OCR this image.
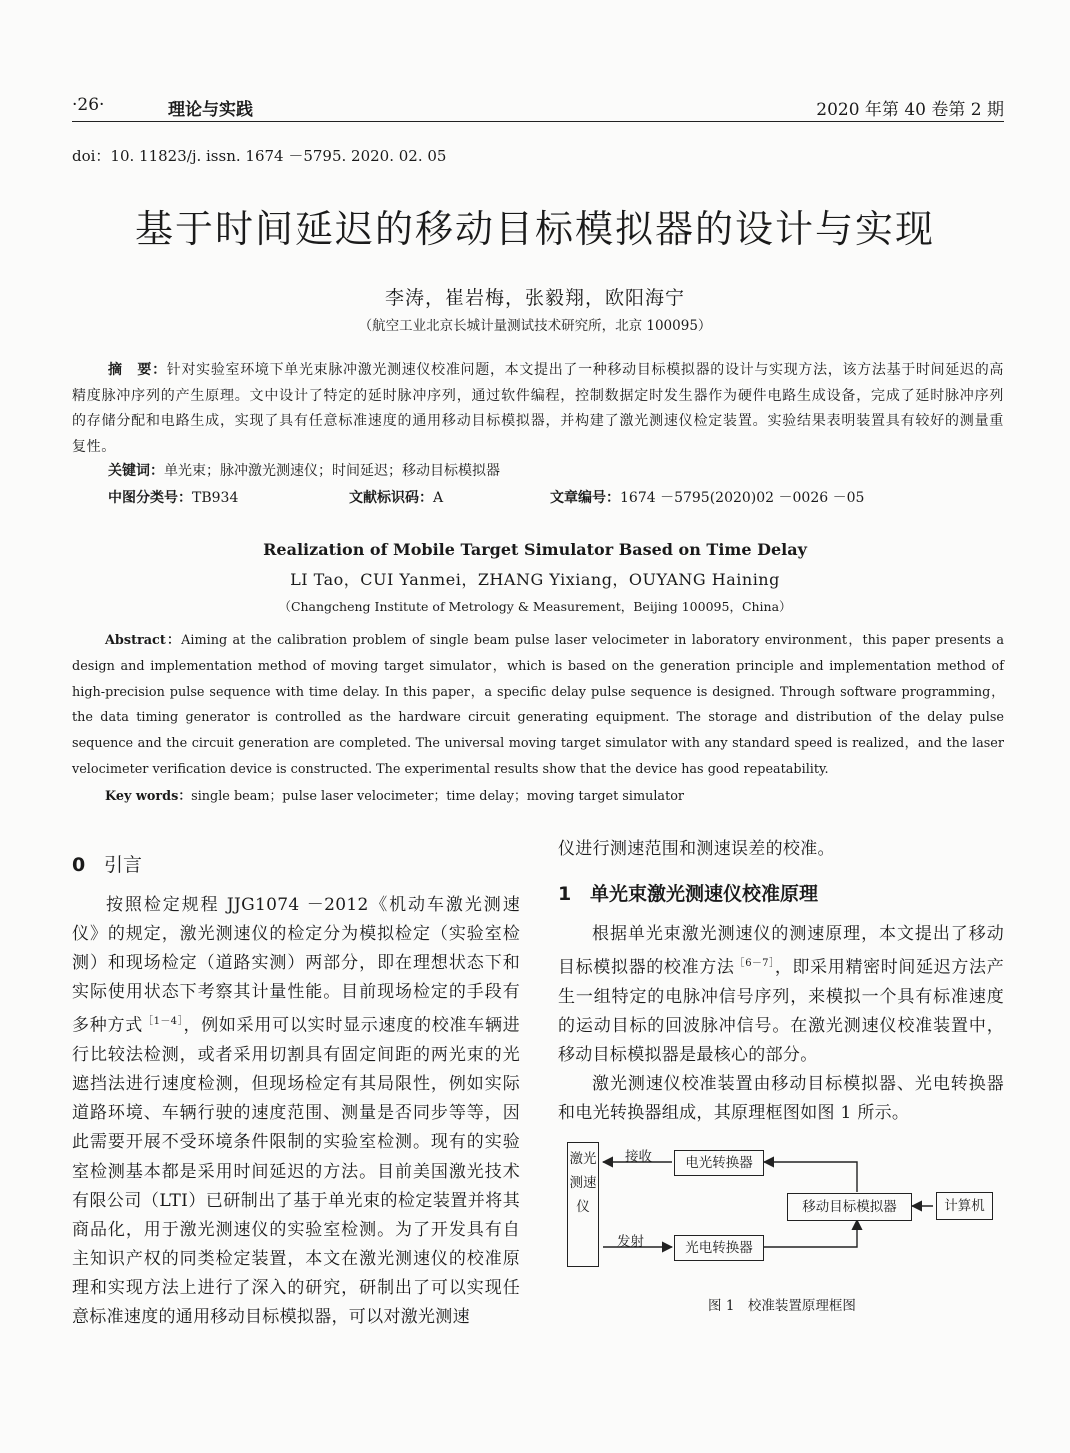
·26·	理论与实践	2020 年第 40 卷第 2 期
doi：10. 11823/j. issn. 1674 －5795. 2020. 02. 05
基于时间延迟的移动目标模拟器的设计与实现
李涛，崔岩梅，张毅翔，欧阳海宁
（航空工业北京长城计量测试技术研究所，北京 100095）
摘　要：针对实验室环境下单光束脉冲激光测速仪校准问题，本文提出了一种移动目标模拟器的设计与实现方法，该方法基于时间延迟的高精度脉冲序列的产生原理。文中设计了特定的延时脉冲序列，通过软件编程，控制数据定时发生器作为硬件电路生成设备，完成了延时脉冲序列的存储分配和电路生成，实现了具有任意标准速度的通用移动目标模拟器，并构建了激光测速仪检定装置。实验结果表明装置具有较好的测量重复性。
关键词：单光束；脉冲激光测速仪；时间延迟；移动目标模拟器
中图分类号：TB934	文献标识码：A	文章编号：1674 －5795(2020)02 －0026 －05
Realization of Mobile Target Simulator Based on Time Delay
LI Tao，CUI Yanmei，ZHANG Yixiang，OUYANG Haining
（Changcheng Institute of Metrology & Measurement，Beijing 100095，China）
Abstract：Aiming at the calibration problem of single beam pulse laser velocimeter in laboratory environment，this paper presents a design and implementation method of moving target simulator，which is based on the generation principle and implementation method of high-precision pulse sequence with time delay. In this paper，a specific delay pulse sequence is designed. Through software programming，the data timing generator is controlled as the hardware circuit generating equipment. The storage and distribution of the delay pulse sequence and the circuit generation are completed. The universal moving target simulator with any standard speed is realized，and the laser velocimeter verification device is constructed. The experimental results show that the device has good repeatability.
Key words：single beam；pulse laser velocimeter；time delay；moving target simulator
0 引言

按照检定规程 JJG1074 －2012《机动车激光测速仪》的规定，激光测速仪的检定分为模拟检定（实验室检测）和现场检定（道路实测）两部分，即在理想状态下和实际使用状态下考察其计量性能。目前现场检定的手段有多种方式$^{[1-4]}$，例如采用可以实时显示速度的校准车辆进行比较法检测，或者采用切割具有固定间距的两光束的光遮挡法进行速度检测，但现场检定有其局限性，例如实际道路环境、车辆行驶的速度范围、测量是否同步等等，因此需要开展不受环境条件限制的实验室检测。现有的实验室检测基本都是采用时间延迟的方法。目前美国激光技术有限公司（LTI）已研制出了基于单光束的检定装置并将其商品化，用于激光测速仪的实验室检测。为了开发具有自主知识产权的同类检定装置，本文在激光测速仪的校准原理和实现方法上进行了深入的研究，研制出了可以实现任意标准速度的通用移动目标模拟器，可以对激光测速

仪进行测速范围和测速误差的校准。
1 单光束激光测速仪校准原理

根据单光束激光测速仪的测速原理，本文提出了移动目标模拟器的校准方法$^{[6-7]}$，即采用精密时间延迟方法产生一组特定的电脉冲信号序列，来模拟一个具有标准速度的运动目标的回波脉冲信号。在激光测速仪校准装置中，移动目标模拟器是最核心的部分。

激光测速仪校准装置由移动目标模拟器、光电转换器和电光转换器组成，其原理框图如图 1 所示。

激光测速仪
接收
发射
电光转换器
光电转换器
移动目标模拟器	计算机
图 1　校准装置原理框图
